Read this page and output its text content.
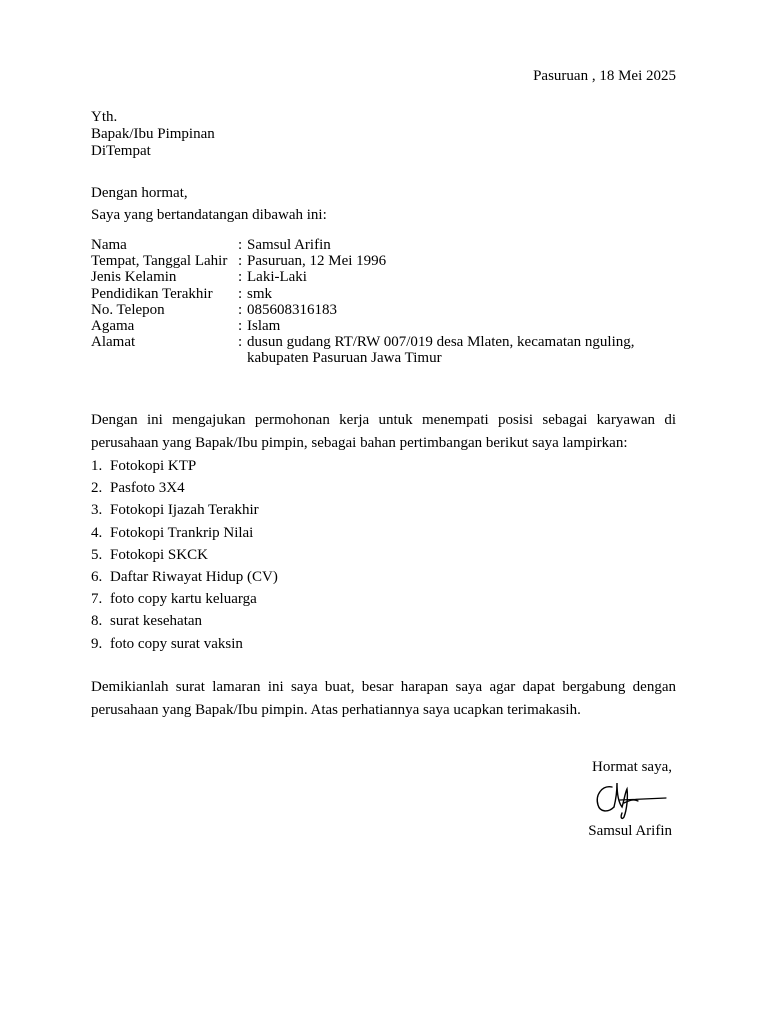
Pasuruan , 18 Mei 2025
Yth.
Bapak/Ibu Pimpinan
DiTempat
Dengan hormat,
Saya yang bertandatangan dibawah ini:
Nama	: Samsul Arifin
Tempat, Tanggal Lahir : Pasuruan, 12 Mei 1996
Jenis Kelamin	: Laki-Laki
Pendidikan Terakhir	: smk
No. Telepon	: 085608316183
Agama	: Islam
Alamat	: dusun gudang RT/RW 007/019 desa Mlaten, kecamatan nguling, kabupaten Pasuruan Jawa Timur
Dengan ini mengajukan permohonan kerja untuk menempati posisi sebagai karyawan di perusahaan yang Bapak/Ibu pimpin, sebagai bahan pertimbangan berikut saya lampirkan:
1. Fotokopi KTP
2. Pasfoto 3X4
3. Fotokopi Ijazah Terakhir
4. Fotokopi Trankrip Nilai
5. Fotokopi SKCK
6. Daftar Riwayat Hidup (CV)
7. foto copy kartu keluarga
8. surat kesehatan
9. foto copy surat vaksin
Demikianlah surat lamaran ini saya buat, besar harapan saya agar dapat bergabung dengan perusahaan yang Bapak/Ibu pimpin. Atas perhatiannya saya ucapkan terimakasih.
Hormat saya,
Samsul Arifin
